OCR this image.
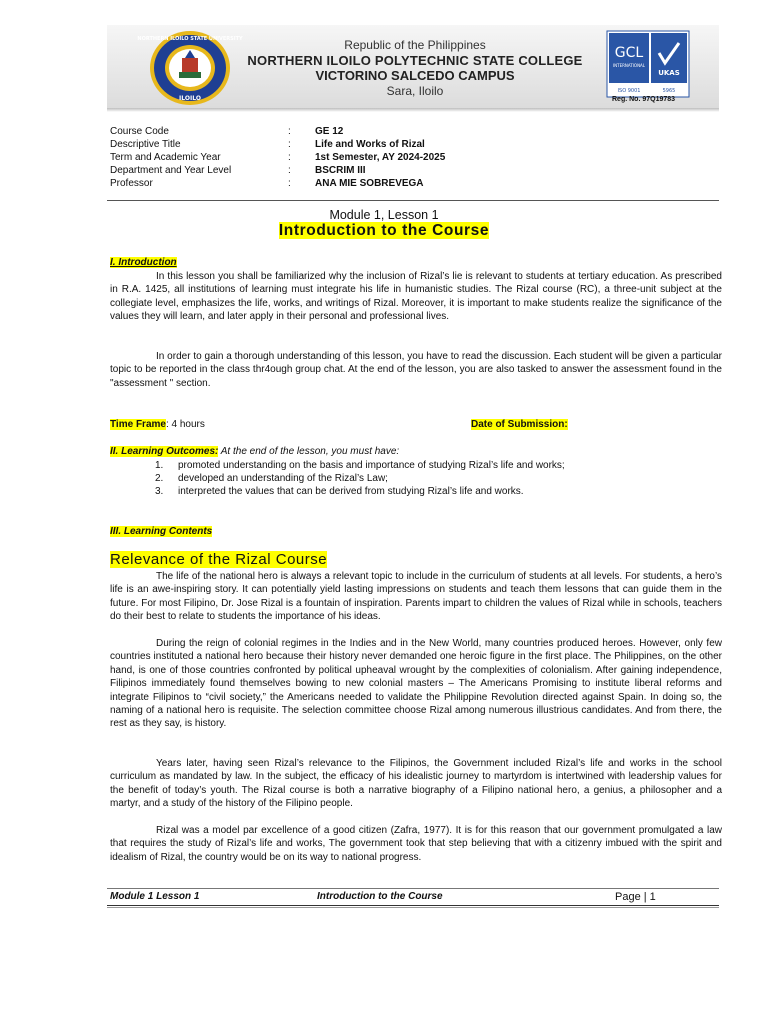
NORTHERN ILOILO STATE UNIVERSITY
ILOILO
Republic of the Philippines
NORTHERN ILOILO POLYTECHNIC STATE COLLEGE
VICTORINO SALCEDO CAMPUS
Sara, Iloilo
GCL
INTERNATIONAL
UKAS
ISO 9001	5965
Reg. No. 97Q19783
Course Code	: GE 12
Descriptive Title	: Life and Works of Rizal
Term and Academic Year	: 1st Semester, AY 2024-2025
Department and Year Level	: BSCRIM III
Professor	: ANA MIE SOBREVEGA
Module 1, Lesson 1
Introduction to the Course
I. Introduction

In this lesson you shall be familiarized why the inclusion of Rizal’s lie is relevant to students at tertiary education. As prescribed in R.A. 1425, all institutions of learning must integrate his life in humanistic studies. The Rizal course (RC), a three-unit subject at the collegiate level, emphasizes the life, works, and writings of Rizal. Moreover, it is important to make students realize the significance of the values they will learn, and later apply in their personal and professional lives.

In order to gain a thorough understanding of this lesson, you have to read the discussion. Each student will be given a particular topic to be reported in the class thr4ough group chat. At the end of the lesson, you are also tasked to answer the assessment found in the "assessment " section.

Time Frame: 4 hours	Date of Submission:
II. Learning Outcomes: At the end of the lesson, you must have:
1. promoted understanding on the basis and importance of studying Rizal’s life and works;
2. developed an understanding of the Rizal’s Law;
3. interpreted the values that can be derived from studying Rizal’s life and works.
III. Learning Contents
Relevance of the Rizal Course

The life of the national hero is always a relevant topic to include in the curriculum of students at all levels. For students, a hero’s life is an awe-inspiring story. It can potentially yield lasting impressions on students and teach them lessons that can guide them in the future. For most Filipino, Dr. Jose Rizal is a fountain of inspiration. Parents impart to children the values of Rizal while in schools, teachers do their best to relate to students the importance of his ideas.

During the reign of colonial regimes in the Indies and in the New World, many countries produced heroes. However, only few countries instituted a national hero because their history never demanded one heroic figure in the first place. The Philippines, on the other hand, is one of those countries confronted by political upheaval wrought by the complexities of colonialism. After gaining independence, Filipinos immediately found themselves bowing to new colonial masters – The Americans Promising to institute liberal reforms and integrate Filipinos to “civil society,” the Americans needed to validate the Philippine Revolution directed against Spain. In doing so, the naming of a national hero is requisite. The selection committee choose Rizal among numerous illustrious candidates. And from there, the rest as they say, is history.

Years later, having seen Rizal’s relevance to the Filipinos, the Government included Rizal’s life and works in the school curriculum as mandated by law. In the subject, the efficacy of his idealistic journey to martyrdom is intertwined with leadership values for the benefit of today’s youth. The Rizal course is both a narrative biography of a Filipino national hero, a genius, a philosopher and a martyr, and a study of the history of the Filipino people.

Rizal was a model par excellence of a good citizen (Zafra, 1977). It is for this reason that our government promulgated a law that requires the study of Rizal’s life and works, The government took that step believing that with a citizenry imbued with the spirit and idealism of Rizal, the country would be on its way to national progress.

Module 1 Lesson 1	Introduction to the Course	Page | 1
